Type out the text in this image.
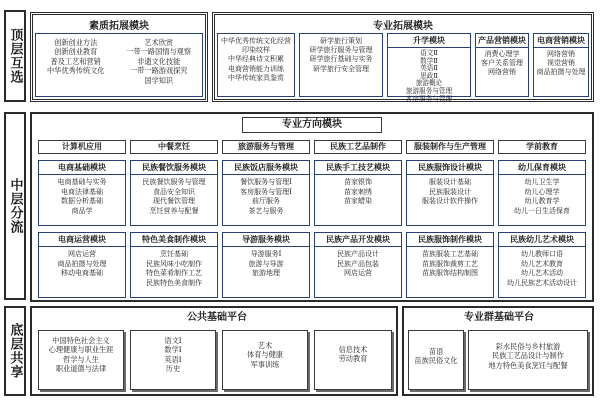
顶层互选
素质拓展模块
创新创业方法
创新创业教育
普及工艺和营销
中华优秀传统文化
艺术欣赏
一带一路国情与观察
非遗文化技能
一带一路游戏探究
国学知识
专业拓展模块
中华优秀传统文化经营
印染纹样
中华经典诗文积累
电商营销能力训练
中华传统家具鉴赏
研学旅行策划
研学旅行服务与管理
研学旅行基础与实务
研学旅行安全管理
升学模块
语文Ⅱ
数学Ⅱ
英语Ⅱ
思政Ⅱ
旅游概论
旅游服务与管理
客房服务与管理
产品营销模块
消费心理学
客户关系管理
网络营销
电商营销模块
网络营销
视觉营销
商品拍摄与处理
中层分流
专业方向模块
计算机应用
电商基础模块
电商基础与实务
电商法律基础
数据分析基础
商品学
电商运营模块
网店运营
商品拍摄与处理
移动电商基础
中餐烹饪
民族餐饮服务模块
民族餐饮服务与管理
食品安全知识
现代餐饮管理
烹饪营养与配餐
特色美食制作模块
烹饪基础
民族风味小吃制作
特色菜肴制作工艺
民族特色美食制作
旅游服务与管理
民族饭店服务模块
餐饮服务与管理Ⅰ
客房服务与管理Ⅰ
前厅服务
茶艺与服务
导游服务模块
导游服务Ⅰ
旅游与导游
旅游地理
民族工艺品制作
民族手工技艺模块
苗家银饰
苗家刺绣
苗家蜡染
民族产品开发模块
民族产品设计
民族产品包装
网店运营
服装制作与生产管理
民族服饰设计模块
服装设计基础
民族服装设计
服装设计软件操作
民族服饰制作模块
苗族服装工艺基础
苗族服饰裁剪工艺
苗族服饰结构制图
学前教育
幼儿保育模块
幼儿卫生学
幼儿心理学
幼儿教育学
幼儿一日生活保育
民族幼儿艺术模块
幼儿教师口语
幼儿艺术教育
幼儿艺术活动
幼儿民族艺术活动设计
底层共享
公共基础平台
中国特色社会主义
心理健康与职业生涯
哲学与人生
职业道德与法律
语文Ⅰ
数学Ⅰ
英语Ⅰ
历史
艺术
体育与健康
军事训练
信息技术
劳动教育
专业群基础平台
苗语
苗族民俗文化
彩水民俗与乡村旅游
民族工艺品设计与制作
地方特色美食烹饪与配餐
